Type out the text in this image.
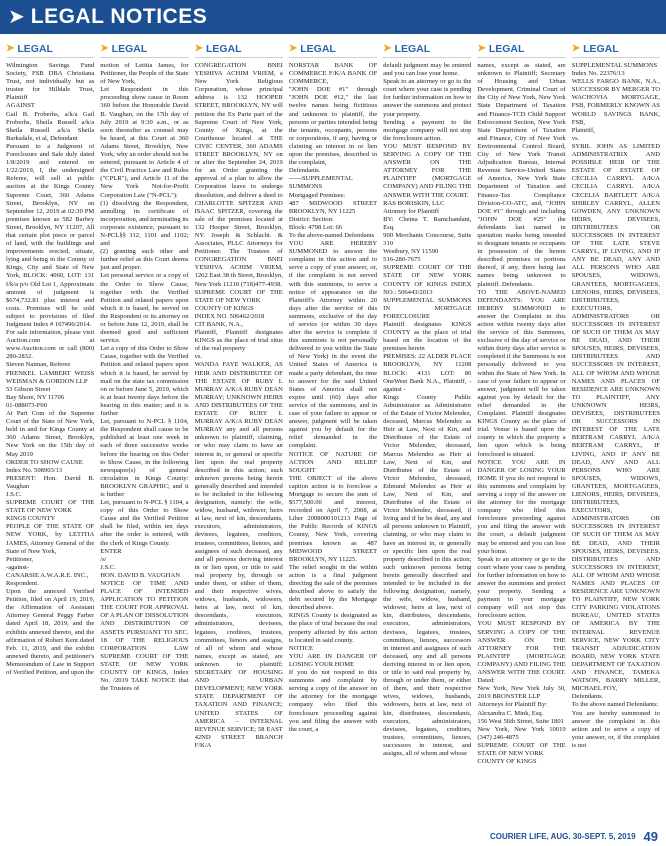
➤ LEGAL NOTICES
➤ LEGAL
Wilmington Savings Fund Society, FSB DBA Christiana Trust, not individually but as trustee for Hilldale Trust, Plaintiff
AGAINST
Gail B. Froberhs, a/k/a Gail Froberhs, Sheila Russell a/k/a Sheila Russell a/k/a Sheila Barksdale, et al, Defendant
Pursuant to a Judgment of Foreclosure and Sale duly dated 1/8/2019 and entered on 1/22/2019, I, the undersigned Referee, will sell at public auction at the Kings County Supreme Court, 360 Adams Street, Brooklyn, NY on September 12, 2019 at 02:30 PM premises known as 582 Barbey Street, Brooklyn, NY 11207, All that certain plot piece or parcel of land, with the buildings and improvements erected, situate, lying and being in the County of Kings, City and State of New York, BLOCK: 4060, LOT: 131 f/k/a p/o Old Lot 1, Approximate amount of judgment is $674,732.81 plus interest and costs. Premises will be sold subject to provisions of filed Judgment Index # 167496/2014.
For sale information, please visit Auction.com at www.Auction.com or call (800) 280-2832.
Steven Naiman, Referee
FRENKEL LAMBERT WEISS WEISMAN & GORDON LLP
53 Gibson Street
Bay Shore, NY 11706
01-088073-F00
At Part Com of the Supreme Court of the State of New York, held in and for Kings County at 360 Adams Street, Brooklyn, New York on the 15th day of May 2019
ORDER TO SHOW CAUSE
Index No. 508903/13
PRESENT: Hon. David B. Vaughan
J.S.C.
SUPREME COURT OF THE STATE OF NEW YORK
KINGS COUNTY
PEOPLE OF THE STATE OF NEW YORK, by LETITIA JAMES, Attorney General of the State of New York,
Petitioner,
-against-
CANARSIE A.W.A.R.E. INC.,
Respondent.
Upon the annexed Verified Petition, filed on April 19, 2019, the Affirmation of Assistant Attorney General Peggy Farber dated April 18, 2019, and the exhibits annexed thereto, and the affirmation of Robert Kent dated Feb. 11, 2019, and the exhibit annexed thereto, and petitioner's Memorandum of Law in Support of Verified Petition, and upon the
➤ LEGAL
motion of Letitia James, for Petitioner, the People of the State of New York,
Let Respondent in this proceeding show cause in Room 369 before the Honorable David B. Vaughan, on the 17th day of July 2019 at 9:30 a.m., or as soon thereafter as counsel may be heard, at this Court at 360 Adams Street, Brooklyn, New York, why an order should not be entered, pursuant to Article 4 of the Civil Practice Law and Rules ("CPLR"), and Article 11 of the New York Not-for-Profit Corporation Law ("N-PCL"):
(1) dissolving the Respondent, annulling its certificate of incorporation, and terminating its corporate existence, pursuant to N-PCL§§ 112, 1101 and 1102; and
(2) granting such other and further relief as this Court deems just and proper.
Let personal service or a copy of the Order to Show Cause, together with the Verified Petition and related papers upon which it is based, be served on the Respondent or its attorney on or before June 12, 2019, shall be deemed good and sufficient service.
Let a copy of this Order to Show Cause, together with the Verified Petition and related papers upon which it is based, be served by mail on the state tax commission on or before June 5, 2019, which is at least twenty days before the hearing in this matter; and it is further
Let, pursuant to N-PCL § 1104, the Respondent shall cause to be published at least one week in each of three successive weeks before the hearing on this Order to Show Cause, in the following newspaper(s) of general circulation in Kings County: BROOKLYN GRAPHIC; and it is further
Let, pursuant to N-PCL § 1104, a copy of this Order to Show Cause and the Verified Petition shall be filed, within ten days after the order is entered, with the clerk of Kings County.
ENTER
/s/
J.S.C.
HON. DAVID B. VAUGHAN
NOTICE OF TIME AND PLACE OF INTENDED APPLICATION TO PETITION THE COURT FOR APPROVAL OF A PLAN OF DISSOLUTION AND DISTRIBUTION OF ASSETS PURSUANT TO SEC. 18 OF THE RELIGIOUS CORPORATION LAW SUPREME COURT OF THE STATE OF NEW YORK COUNTY OF KINGS, Index No. /2019 TAKE NOTICE that the Trustees of
➤ LEGAL
CONGREGATION BNEI YESHIVA ACHIM VRIEM, a New York Religious Corporation, whose principal address is 132 HOOPER STREET, BROOKLYN, NY will petition the Ex Parte part of the Supreme Court of New York, County of Kings, at the Courthouse located at THE CIVIC CENTER, 360 ADAMS STREET BROOKLYN, NY on or after the September 24, 2019 for an Order granting the approval of a plan to allow the Corporation leave to undergo dissolution, and deliver a deed to CHARLOTTE SPITZER AND ISAAC SPITZER, covering the sale of the premises located at 132 Hooper Street, Brooklyn, NY. Joseph & Schlacht. & Associates, PLLC Attorneys for Petitioner. The Trustees of CONGREGATION BNEI YESHIVA ACHIM VRIEM, 1262 East 38 th Street, Brooklyn, New York 11210 (718)477-4938.
SUPREME COURT OF THE STATE OF NEW YORK
COUNTY OF KINGS
INDEX NO. 506462/2018
CIT BANK, N.A.,
Plaintiff, Plaintiff designates KINGS as the place of trial situs of the real property
vs.
WANDA FAYE WALKER, AS HEIR AND DISTRIBUTEE OF THE ESTATE OF RUBY L MURRAY A/K/A RUBY DEAN MURRAY; UNKNOWN HEIRS AND DISTRIBUTEES OF THE ESTATE OF RUBY L MURRAY A/K/A RUBY DEAN MURRAY any and all persons unknown to plaintiff, claiming, or who may claim to have an interest in, or general or specific lien upon the real property described in this action; such unknown persons being herein generally described and intended to be included in the following designation, namely: the wife, widow, husband, widower, heirs at law, next of kin, descendants, executors, administrators, devisees, legatees, creditors, trustees, committees, lienors, and assignees of such deceased, any and all persons deriving interest in or lien upon, or title to said real property by, through or under them, or either of them, and their respective wives, widows, husbands, widowers, heirs at law, next of kin, descendants, executors, administrators, devisees, legatees, creditors, trustees, committees, lienors and assigns, of all of whom and whose names, except as stated, are unknown to plaintiff; SECRETARY OF HOUSING AND URBAN DEVELOPMENT; NEW YORK STATE DEPARTMENT OF TAXATION AND FINANCE; UNITED STATES OF AMERICA - INTERNAL REVENUE SERVICE; 58 EAST 42ND STREET BRANCH F/K/A
➤ LEGAL
NORSTAR BANK OF COMMERCE F/K/A BANK OF COMMERCE,
"JOHN DOE #1" through "JOHN DOE #12," the last twelve names being fictitious and unknown to plaintiff, the persons or parties intended being the tenants, occupants, persons or corporations, if any, having or claiming an interest in or lien upon the premises, described in the complaint,
Defendants.
------SUPPLEMENTAL SUMMONS
Mortgaged Premises:
487 MIDWOOD STREET BROOKLYN, NY 11225
District: Section:
Block: 4798 Lot: 66
To the above-named Defendants
YOU ARE HEREBY SUMMONED to answer the complaint in this action and to serve a copy of your answer, or, if the complaint is not served with this summons, to serve a notice of appearance on the Plaintiff's Attorney within 20 days after the service of this summons, exclusive of the day of service (or within 30 days after the service is complete if this summons is not personally delivered to you within the State of New York) in the event the United States of America is made a party defendant, the time to answer for the said United States of America shall not expire until (60) days after service of the summons; and in case of your failure to appear or answer, judgment will be taken against you by default for the relief demanded in the complaint.
NOTICE OF NATURE OF ACTION AND RELIEF SOUGHT
THE OBJECT of the above caption action is to foreclose a Mortgage to secure the sum of $577,500.00 and interest, recorded on April 7, 2008, at Liber 2008000101213 Page of the Public Records of KINGS County, New York, covering premises known as 487 MIDWOOD STREET BROOKLYN, NY 11225.
The relief sought in the within action is a final judgment directing the sale of the premises described above to satisfy the debt secured by the Mortgage described above.
KINGS County is designated as the place of trial because the real property affected by this action is located in said county.
NOTICE
YOU ARE IN DANGER OF LOSING YOUR HOME
If you do not respond to this summons and complaint by serving a copy of the answer on the attorney for the mortgage company who filed this foreclosure proceeding against you and filing the answer with the court, a
➤ LEGAL
default judgment may be entered and you can lose your home.
Speak to an attorney or go to the court where your case is pending for further information on how to answer the summons and protect your property.
Sending a payment to the mortgage company will not stop the foreclosure action.
YOU MUST RESPOND BY SERVING A COPY OF THE ANSWER ON THE ATTORNEY FOR THE PLAINTIFF (MORTGAGE COMPANY) AND FILING THE ANSWER WITH THE COURT.
RAS BORISKIN, LLC
Attorney for Plaintiff
BY: Chetna T. Ramchandani, Esq.
900 Merchants Concourse, Suite 310
Westbury, NY 11590
516-280-7675
SUPREME COURT OF THE STATE OF NEW YORK COUNTY OF KINGS INDEX NO.: 506443/2013
SUPPLEMENTAL SUMMONS IN MORTGAGE FORECLOSURE
Plaintiff designates KINGS COUNTY as the place of trial based on the location of the premises herein
PREMISES: 22 ALDER PLACE BROOKLYN, NY 11208 BLOCK: 4131 LOT: 80 OneWest Bank N.A., Plaintiff, - against -
Kings County Public Administrator as Administrator of the Estate of Victor Melendez, deceased, Marcus Melendez as Heir at Law, Next of Kin, and Distributee of the Estate of Victor Melendez, deceased, Marcus Melendez as Heir at Law, Next of Kin, and Distributee of the Estate of Victor Melendez, deceased, Edmund Melendez as Heir at Law, Next of Kin, and Distributee of the Estate of Victor Melendez, deceased, if living and if he be dead, any and all persons unknown to Plaintiff, claiming, or who may claim to have an interest in, or generally or specific lien upon the real property described in this action; such unknown persons being herein generally described and intended to be included in the following designation, namely, the wife, widow, husband, widower, heirs at law, next of kin, distributees, descendants, executors, administrators, devisees, legatees, trustees, committees, lienors, successors in interest and assignees of such deceased, any and all persons deriving interest in or lien upon, or title to said real property by, through or under them, or either of them, and their respective wives, widows, husbands, widowers, heirs at law, next of kin, distributees, descendants, executors, administrators, devisees, legatees, creditors, trustees, committees, lienors, successors in interest, and assigns, all of whom and whose
➤ LEGAL
names, except as stated, are unknown to Plaintiff; Secretary of Housing and Urban Development, Criminal Court of the City of New York, New York State Department of Taxation and Finance-TCD Child Support Enforcement Section, New York State Department of Taxation and Finance, City of New York Environmental Control Board, City of New York Transit Adjudication Bureau, Internal Revenue Service-United States of America, New York State Department of Taxation and Finance-Tax Compliance Division-CO-ATC, and, "JOHN DOE #1" through and including "JOHN DOE #25" the defendants last named in quotation marks being intended to designate tenants or occupants in possession of the herein described premises or portions thereof, if any, there being last names being unknown to plaintiff. Defendants.
TO THE ABOVE-NAMED DEFENDANTS: YOU ARE HEREBY SUMMONED to answer the Complaint in this action within twenty days after the service of this Summons, exclusive of the day of service or within thirty days after service is completed if the Summons is not personally delivered to you within the State of New York. In case of your failure to appear or answer, judgment will be taken against you by default for the relief demanded in the Complaint. Plaintiff designates KINGS County as the place of trial. Venue is based upon the county in which the property a lien upon which is being foreclosed is situated.
NOTICE YOU ARE IN DANGER OF LOSING YOUR HOME If you do not respond to this summons and complaint by serving a copy of the answer on the attorney for the mortgage company who filed this foreclosure proceeding against you and filing the answer with the court, a default judgment may be entered and you can lose your home.
Speak to an attorney or go to the court where your case is pending for further information on how to answer the summons and protect your property. Sending a payment to your mortgage company will not stop this foreclosure action.
YOU MUST RESPOND BY SERVING A COPY OF THE ANSWER ON THE ATTORNEY FOR THE PLAINTIFF (MORTGAGE COMPANY) AND FILING THE ANSWER WITH THE COURT. Dated:
New York, New York July 30, 2019 BRONSTER LLP
Attorneys for Plaintiff By:
Alexandra C. Mink, Esq.
156 West 56th Street, Suite 1801
New York, New York 10019 (347) 246-4875
SUPREME COURT OF THE STATE OF NEW YORK
COUNTY OF KINGS
➤ LEGAL
SUPPLEMENTAL SUMMONS
Index No. 22376/13
WELLS FARGO BANK, N.A., SUCCESSOR BY MERGER TO WACHOVIA MORTGAGE, FSB, FORMERLY KNOWN AS WORLD SAVINGS BANK, FSB,
Plaintiff,
vs.
SYBIL JOHN AS LIMITED ADMINISTRATRIX AND POSSIBLE HEIR OF THE ESTATE OF ESTATE OF CECILIA CARRYL A/K/A CECILIA CARRYL A/K/A CECELIA BARTLETT A/K/A SHIRLEY CARRYL, ALLEN GOWDEN, ANY UNKNOWN HEIRS, DEVISEES, DISTRIBUTEES OR SUCCESSORS IN INTEREST OF THE LATE STEVE CARRYL, IF LIVING, AND IF ANY BE DEAD, ANY AND ALL PERSONS WHO ARE SPOUSES, WIDOWS, GRANTEES, MORTGAGEES, LIENORS, HEIRS, DEVISEES, DISTRIBUTEES, EXECUTORS, ADMINISTRATORS OR SUCCESSORS IN INTEREST OF SUCH OF THEM AS MAY BE DEAD, AND THEIR SPOUSES, HEIRS, DEVISEES, DISTRIBUTEES AND SUCCESSORS IN INTEREST, ALL OF WHOM AND WHOSE NAMES AND PLACES OF RESIDENCE ARE UNKNOWN TO PLAINTIFF, ANY UNKNOWN HEIRS, DEVISEES, DISTRIBUTEES OR SUCCESSORS IN INTEREST OF THE LATE BERTRAM CARRYL A/K/A BERTRAM CARRYL, IF LIVING, AND IF ANY BE DEAD, ANY AND ALL PERSONS WHO ARE SPOUSES, WIDOWS, GRANTEES, MORTGAGEES, LIENORS, HEIRS, DEVISEES, DISTRIBUTEES, EXECUTORS, ADMINISTRATORS OR SUCCESSORS IN INTEREST OF SUCH OF THEM AS MAY BE DEAD, AND THEIR SPOUSES, HEIRS, DEVISEES, DISTRIBUTEES AND SUCCESSORS IN INTEREST, ALL OF WHOM AND WHOSE NAMES AND PLACES OF RESIDENCE ARE UNKNOWN TO PLAINTIFF, NEW YORK CITY PARKING VIOLATIONS BUREAU, UNITED STATES OF AMERICA BY THE INTERNAL REVENUE SERVICE, NEW YORK CITY TRANSIT ADJUDICATION BOARD, NEW YORK STATE DEPARTMENT OF TAXATION AND FINANCE, TAMEKA WATSON, BARRY MILLER, MICHAEL FOY,
Defendants.
To the above named Defendants:
You are hereby summoned to answer the complaint in this action and to serve a copy of your answer, or, if the complaint is not
COURIER LIFE, AUG. 30-SEPT. 5, 2019 49
